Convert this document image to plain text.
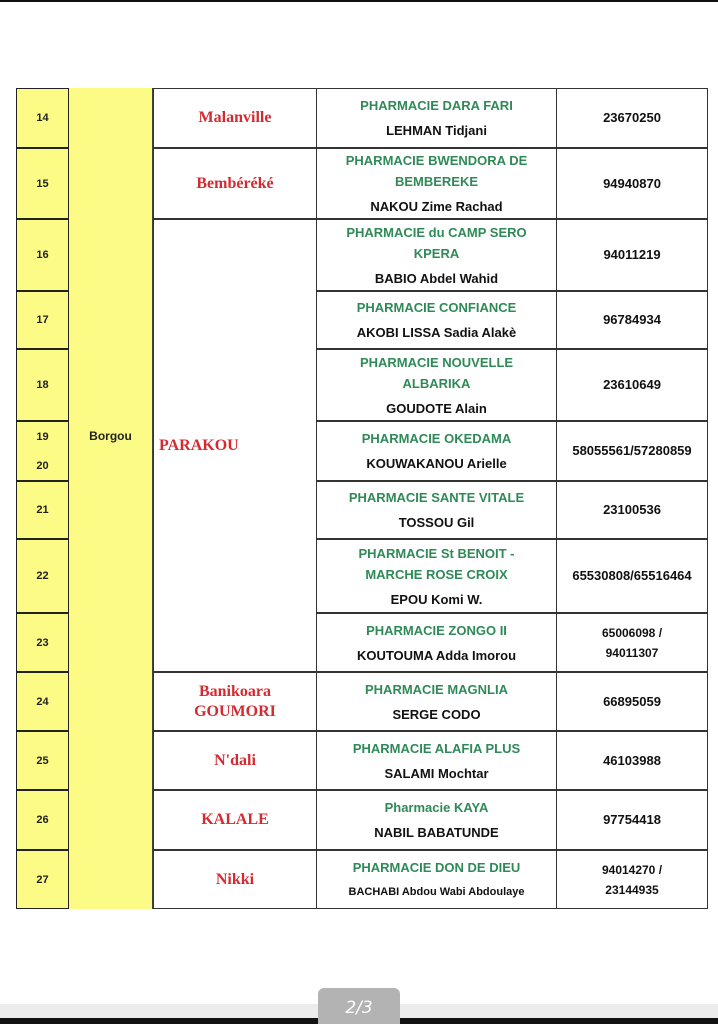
Borgou
14
PHARMACIE DARA FARI
LEHMAN Tidjani
23670250
15
PHARMACIE BWENDORA DE BEMBEREKE
NAKOU Zime Rachad
94940870
16
PHARMACIE du CAMP SERO KPERA
BABIO Abdel Wahid
94011219
17
PHARMACIE CONFIANCE
AKOBI LISSA Sadia Alakè
96784934
18
PHARMACIE NOUVELLE ALBARIKA
GOUDOTE Alain
23610649
19
20
PHARMACIE OKEDAMA
KOUWAKANOU Arielle
58055561/57280859
21
PHARMACIE SANTE VITALE
TOSSOU Gil
23100536
22
PHARMACIE St BENOIT - MARCHE ROSE CROIX
EPOU Komi W.
65530808/65516464
23
PHARMACIE ZONGO II
KOUTOUMA Adda Imorou
65006098 / 94011307
24
PHARMACIE MAGNLIA
SERGE CODO
66895059
25
PHARMACIE ALAFIA PLUS
SALAMI Mochtar
46103988
26
Pharmacie KAYA
NABIL BABATUNDE
97754418
27
PHARMACIE DON DE DIEU
BACHABI Abdou Wabi Abdoulaye
94014270 / 23144935
Malanville
Bembéréké
PARAKOU
Banikoara GOUMORI
N'dali
KALALE
Nikki
2/3
